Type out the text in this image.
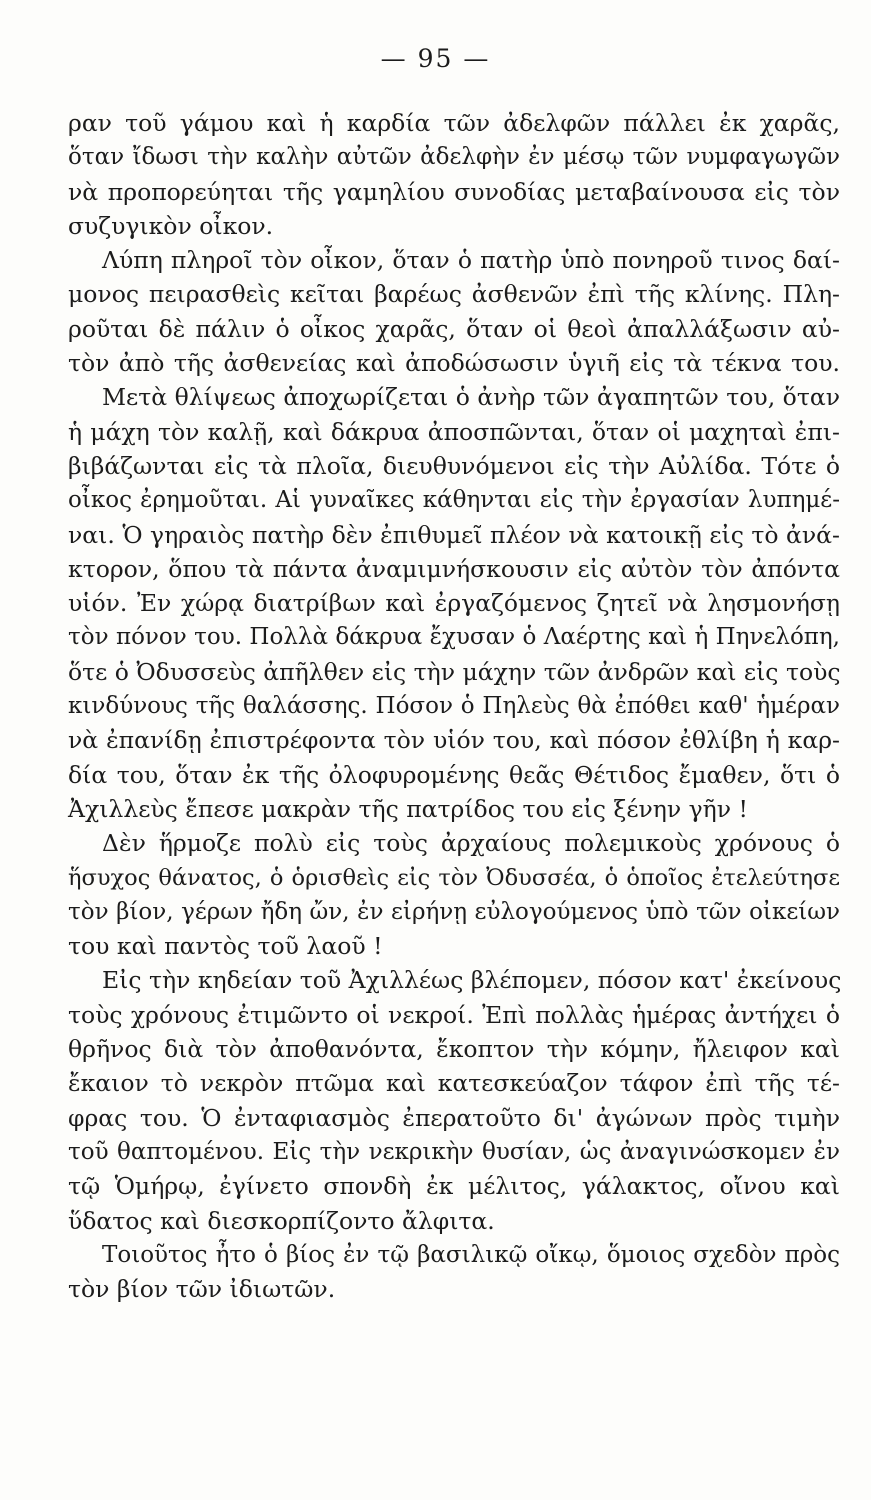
— 95 —
ραν τοῦ γάμου καὶ ἡ καρδία τῶν ἀδελφῶν πάλλει ἐκ χαρᾶς,
ὅταν ἴδωσι τὴν καλὴν αὐτῶν ἀδελφὴν ἐν μέσῳ τῶν νυμφαγωγῶν
νὰ προπορεύηται τῆς γαμηλίου συνοδίας μεταβαίνουσα εἰς τὸν
συζυγικὸν οἶκον.
Λύπη πληροῖ τὸν οἶκον, ὅταν ὁ πατὴρ ὑπὸ πονηροῦ τινος δαί-
μονος πειρασθεὶς κεῖται βαρέως ἀσθενῶν ἐπὶ τῆς κλίνης. Πλη-
ροῦται δὲ πάλιν ὁ οἶκος χαρᾶς, ὅταν οἱ θεοὶ ἀπαλλάξωσιν αὐ-
τὸν ἀπὸ τῆς ἀσθενείας καὶ ἀποδώσωσιν ὑγιῆ εἰς τὰ τέκνα του.
Μετὰ θλίψεως ἀποχωρίζεται ὁ ἀνὴρ τῶν ἀγαπητῶν του, ὅταν
ἡ μάχη τὸν καλῇ, καὶ δάκρυα ἀποσπῶνται, ὅταν οἱ μαχηταὶ ἐπι-
βιβάζωνται εἰς τὰ πλοῖα, διευθυνόμενοι εἰς τὴν Αὐλίδα. Τότε ὁ
οἶκος ἐρημοῦται. Αἱ γυναῖκες κάθηνται εἰς τὴν ἐργασίαν λυπημέ-
ναι. Ὁ γηραιὸς πατὴρ δὲν ἐπιθυμεῖ πλέον νὰ κατοικῇ εἰς τὸ ἀνά-
κτορον, ὅπου τὰ πάντα ἀναμιμνήσκουσιν εἰς αὐτὸν τὸν ἀπόντα
υἱόν. Ἐν χώρᾳ διατρίβων καὶ ἐργαζόμενος ζητεῖ νὰ λησμονήσῃ
τὸν πόνον του. Πολλὰ δάκρυα ἔχυσαν ὁ Λαέρτης καὶ ἡ Πηνελόπη,
ὅτε ὁ Ὀδυσσεὺς ἀπῆλθεν εἰς τὴν μάχην τῶν ἀνδρῶν καὶ εἰς τοὺς
κινδύνους τῆς θαλάσσης. Πόσον ὁ Πηλεὺς θὰ ἐπόθει καθ' ἡμέραν
νὰ ἐπανίδῃ ἐπιστρέφοντα τὸν υἱόν του, καὶ πόσον ἐθλίβη ἡ καρ-
δία του, ὅταν ἐκ τῆς ὀλοφυρομένης θεᾶς Θέτιδος ἔμαθεν, ὅτι ὁ
Ἀχιλλεὺς ἔπεσε μακρὰν τῆς πατρίδος του εἰς ξένην γῆν !
Δὲν ἥρμοζε πολὺ εἰς τοὺς ἀρχαίους πολεμικοὺς χρόνους ὁ
ἥσυχος θάνατος, ὁ ὁρισθεὶς εἰς τὸν Ὀδυσσέα, ὁ ὁποῖος ἐτελεύτησε
τὸν βίον, γέρων ἤδη ὤν, ἐν εἰρήνῃ εὐλογούμενος ὑπὸ τῶν οἰκείων
του καὶ παντὸς τοῦ λαοῦ !
Εἰς τὴν κηδείαν τοῦ Ἀχιλλέως βλέπομεν, πόσον κατ' ἐκείνους
τοὺς χρόνους ἐτιμῶντο οἱ νεκροί. Ἐπὶ πολλὰς ἡμέρας ἀντήχει ὁ
θρῆνος διὰ τὸν ἀποθανόντα, ἔκοπτον τὴν κόμην, ἤλειφον καὶ
ἔκαιον τὸ νεκρὸν πτῶμα καὶ κατεσκεύαζον τάφον ἐπὶ τῆς τέ-
φρας του. Ὁ ἐνταφιασμὸς ἐπερατοῦτο δι' ἀγώνων πρὸς τιμὴν
τοῦ θαπτομένου. Εἰς τὴν νεκρικὴν θυσίαν, ὡς ἀναγινώσκομεν ἐν
τῷ Ὁμήρῳ, ἐγίνετο σπονδὴ ἐκ μέλιτος, γάλακτος, οἴνου καὶ
ὕδατος καὶ διεσκορπίζοντο ἄλφιτα.
Τοιοῦτος ἦτο ὁ βίος ἐν τῷ βασιλικῷ οἴκῳ, ὅμοιος σχεδὸν πρὸς
τὸν βίον τῶν ἰδιωτῶν.
